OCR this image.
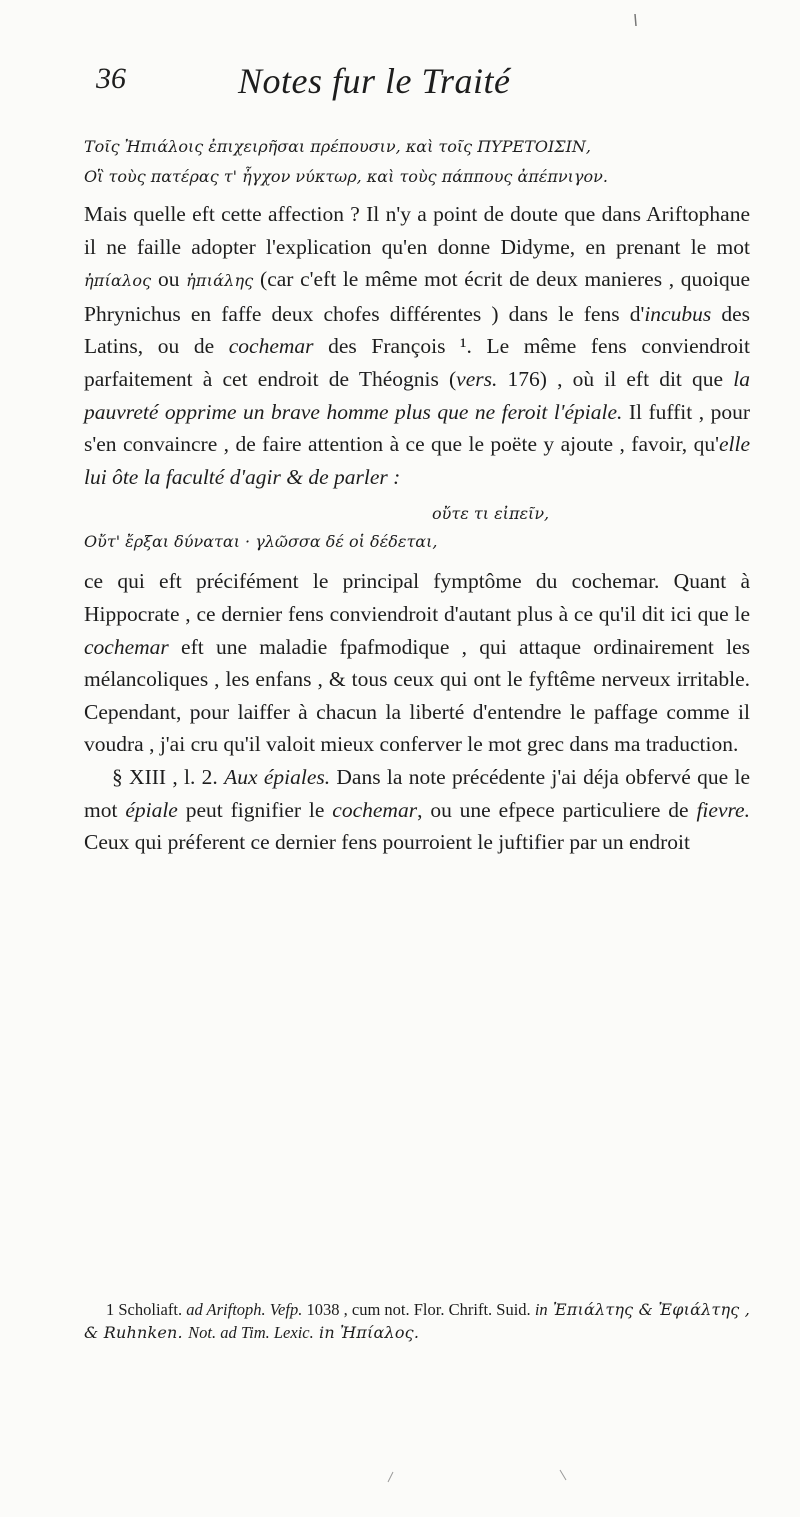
36	Notes fur le Traité
Τοῖς Ἠπιάλοις ἐπιχειρῆσαι πρέπουσιν, καὶ τοῖς ΠΥΡΕΤΟΙΣΙΝ,
Οἳ τοὺς πατέρας τ' ἦγχον νύκτωρ, καὶ τοὺς πάππους ἀπέπνιγον.

Mais quelle eft cette affection ? Il n'y a point de doute que dans Ariftophane il ne faille adopter l'explication qu'en donne Didyme, en prenant le mot ἠπίαλος ou ἠπιάλης (car c'eft le même mot écrit de deux manieres , quoique Phrynichus en faffe deux chofes différentes ) dans le fens d'incubus des Latins, ou de cochemar des François ¹. Le même fens conviendroit parfaitement à cet endroit de Théognis (vers. 176) , où il eft dit que la pauvreté opprime un brave homme plus que ne feroit l'épiale. Il fuffit , pour s'en convaincre , de faire attention à ce que le poëte y ajoute , favoir, qu'elle lui ôte la faculté d'agir & de parler :

οὔτε τι εἰπεῖν,
Οὔτ' ἔρξαι δύναται · γλῶσσα δέ οἱ δέδεται,

ce qui eft précifément le principal fymptôme du cochemar. Quant à Hippocrate , ce dernier fens conviendroit d'autant plus à ce qu'il dit ici que le cochemar eft une maladie fpafmodique , qui attaque ordinairement les mélancoliques , les enfans , & tous ceux qui ont le fyftême nerveux irritable. Cependant, pour laiffer à chacun la liberté d'entendre le paffage comme il voudra , j'ai cru qu'il valoit mieux conferver le mot grec dans ma traduction.

§ XIII , l. 2. Aux épiales. Dans la note précédente j'ai déja obfervé que le mot épiale peut fignifier le cochemar, ou une efpece particuliere de fievre. Ceux qui préferent ce dernier fens pourroient le juftifier par un endroit

1 Scholiaft. ad Ariftoph. Vefp. 1038 , cum not. Flor. Chrift. Suid. in Ἐπιάλτης & Ἐφιάλτης , & Ruhnken. Not. ad Tim. Lexic. in Ἠπίαλος.
